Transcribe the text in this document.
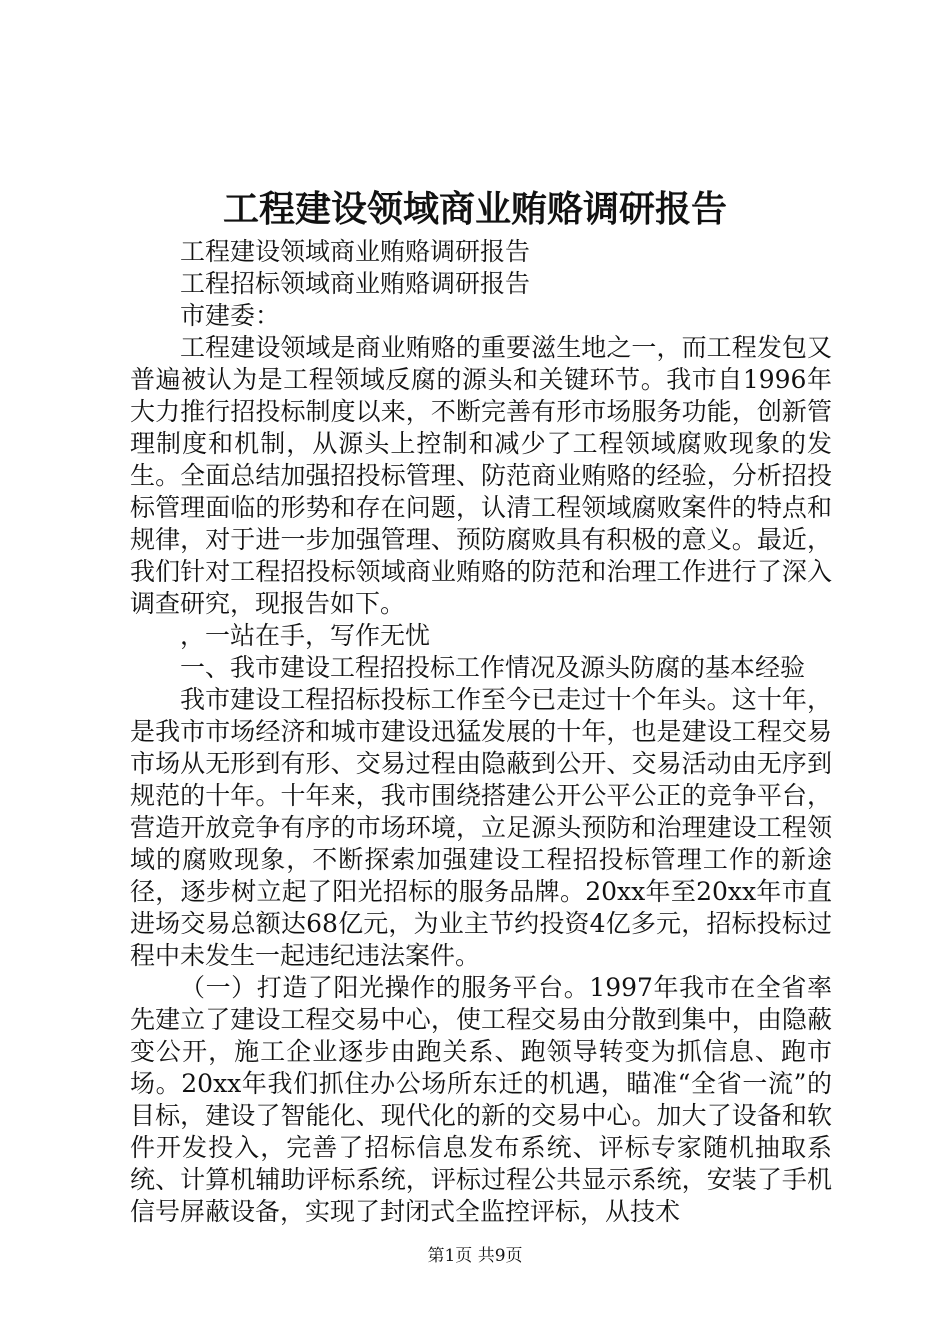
工程建设领域商业贿赂调研报告

工程建设领域商业贿赂调研报告

工程招标领域商业贿赂调研报告

市建委：

工程建设领域是商业贿赂的重要滋生地之一，而工程发包又普遍被认为是工程领域反腐的源头和关键环节。我市自1996年大力推行招投标制度以来，不断完善有形市场服务功能，创新管理制度和机制，从源头上控制和减少了工程领域腐败现象的发生。全面总结加强招投标管理、防范商业贿赂的经验，分析招投标管理面临的形势和存在问题，认清工程领域腐败案件的特点和规律，对于进一步加强管理、预防腐败具有积极的意义。最近，我们针对工程招投标领域商业贿赂的防范和治理工作进行了深入调查研究，现报告如下。

，一站在手，写作无忧

一、我市建设工程招投标工作情况及源头防腐的基本经验

我市建设工程招标投标工作至今已走过十个年头。这十年，是我市市场经济和城市建设迅猛发展的十年，也是建设工程交易市场从无形到有形、交易过程由隐蔽到公开、交易活动由无序到规范的十年。十年来，我市围绕搭建公开公平公正的竞争平台，营造开放竞争有序的市场环境，立足源头预防和治理建设工程领域的腐败现象，不断探索加强建设工程招投标管理工作的新途径，逐步树立起了阳光招标的服务品牌。20xx年至20xx年市直进场交易总额达68亿元，为业主节约投资4亿多元，招标投标过程中未发生一起违纪违法案件。

（一）打造了阳光操作的服务平台。1997年我市在全省率先建立了建设工程交易中心，使工程交易由分散到集中，由隐蔽变公开，施工企业逐步由跑关系、跑领导转变为抓信息、跑市场。20xx年我们抓住办公场所东迁的机遇，瞄准“全省一流”的目标，建设了智能化、现代化的新的交易中心。加大了设备和软件开发投入，完善了招标信息发布系统、评标专家随机抽取系统、计算机辅助评标系统，评标过程公共显示系统，安装了手机信号屏蔽设备，实现了封闭式全监控评标，从技术

第1页 共9页
